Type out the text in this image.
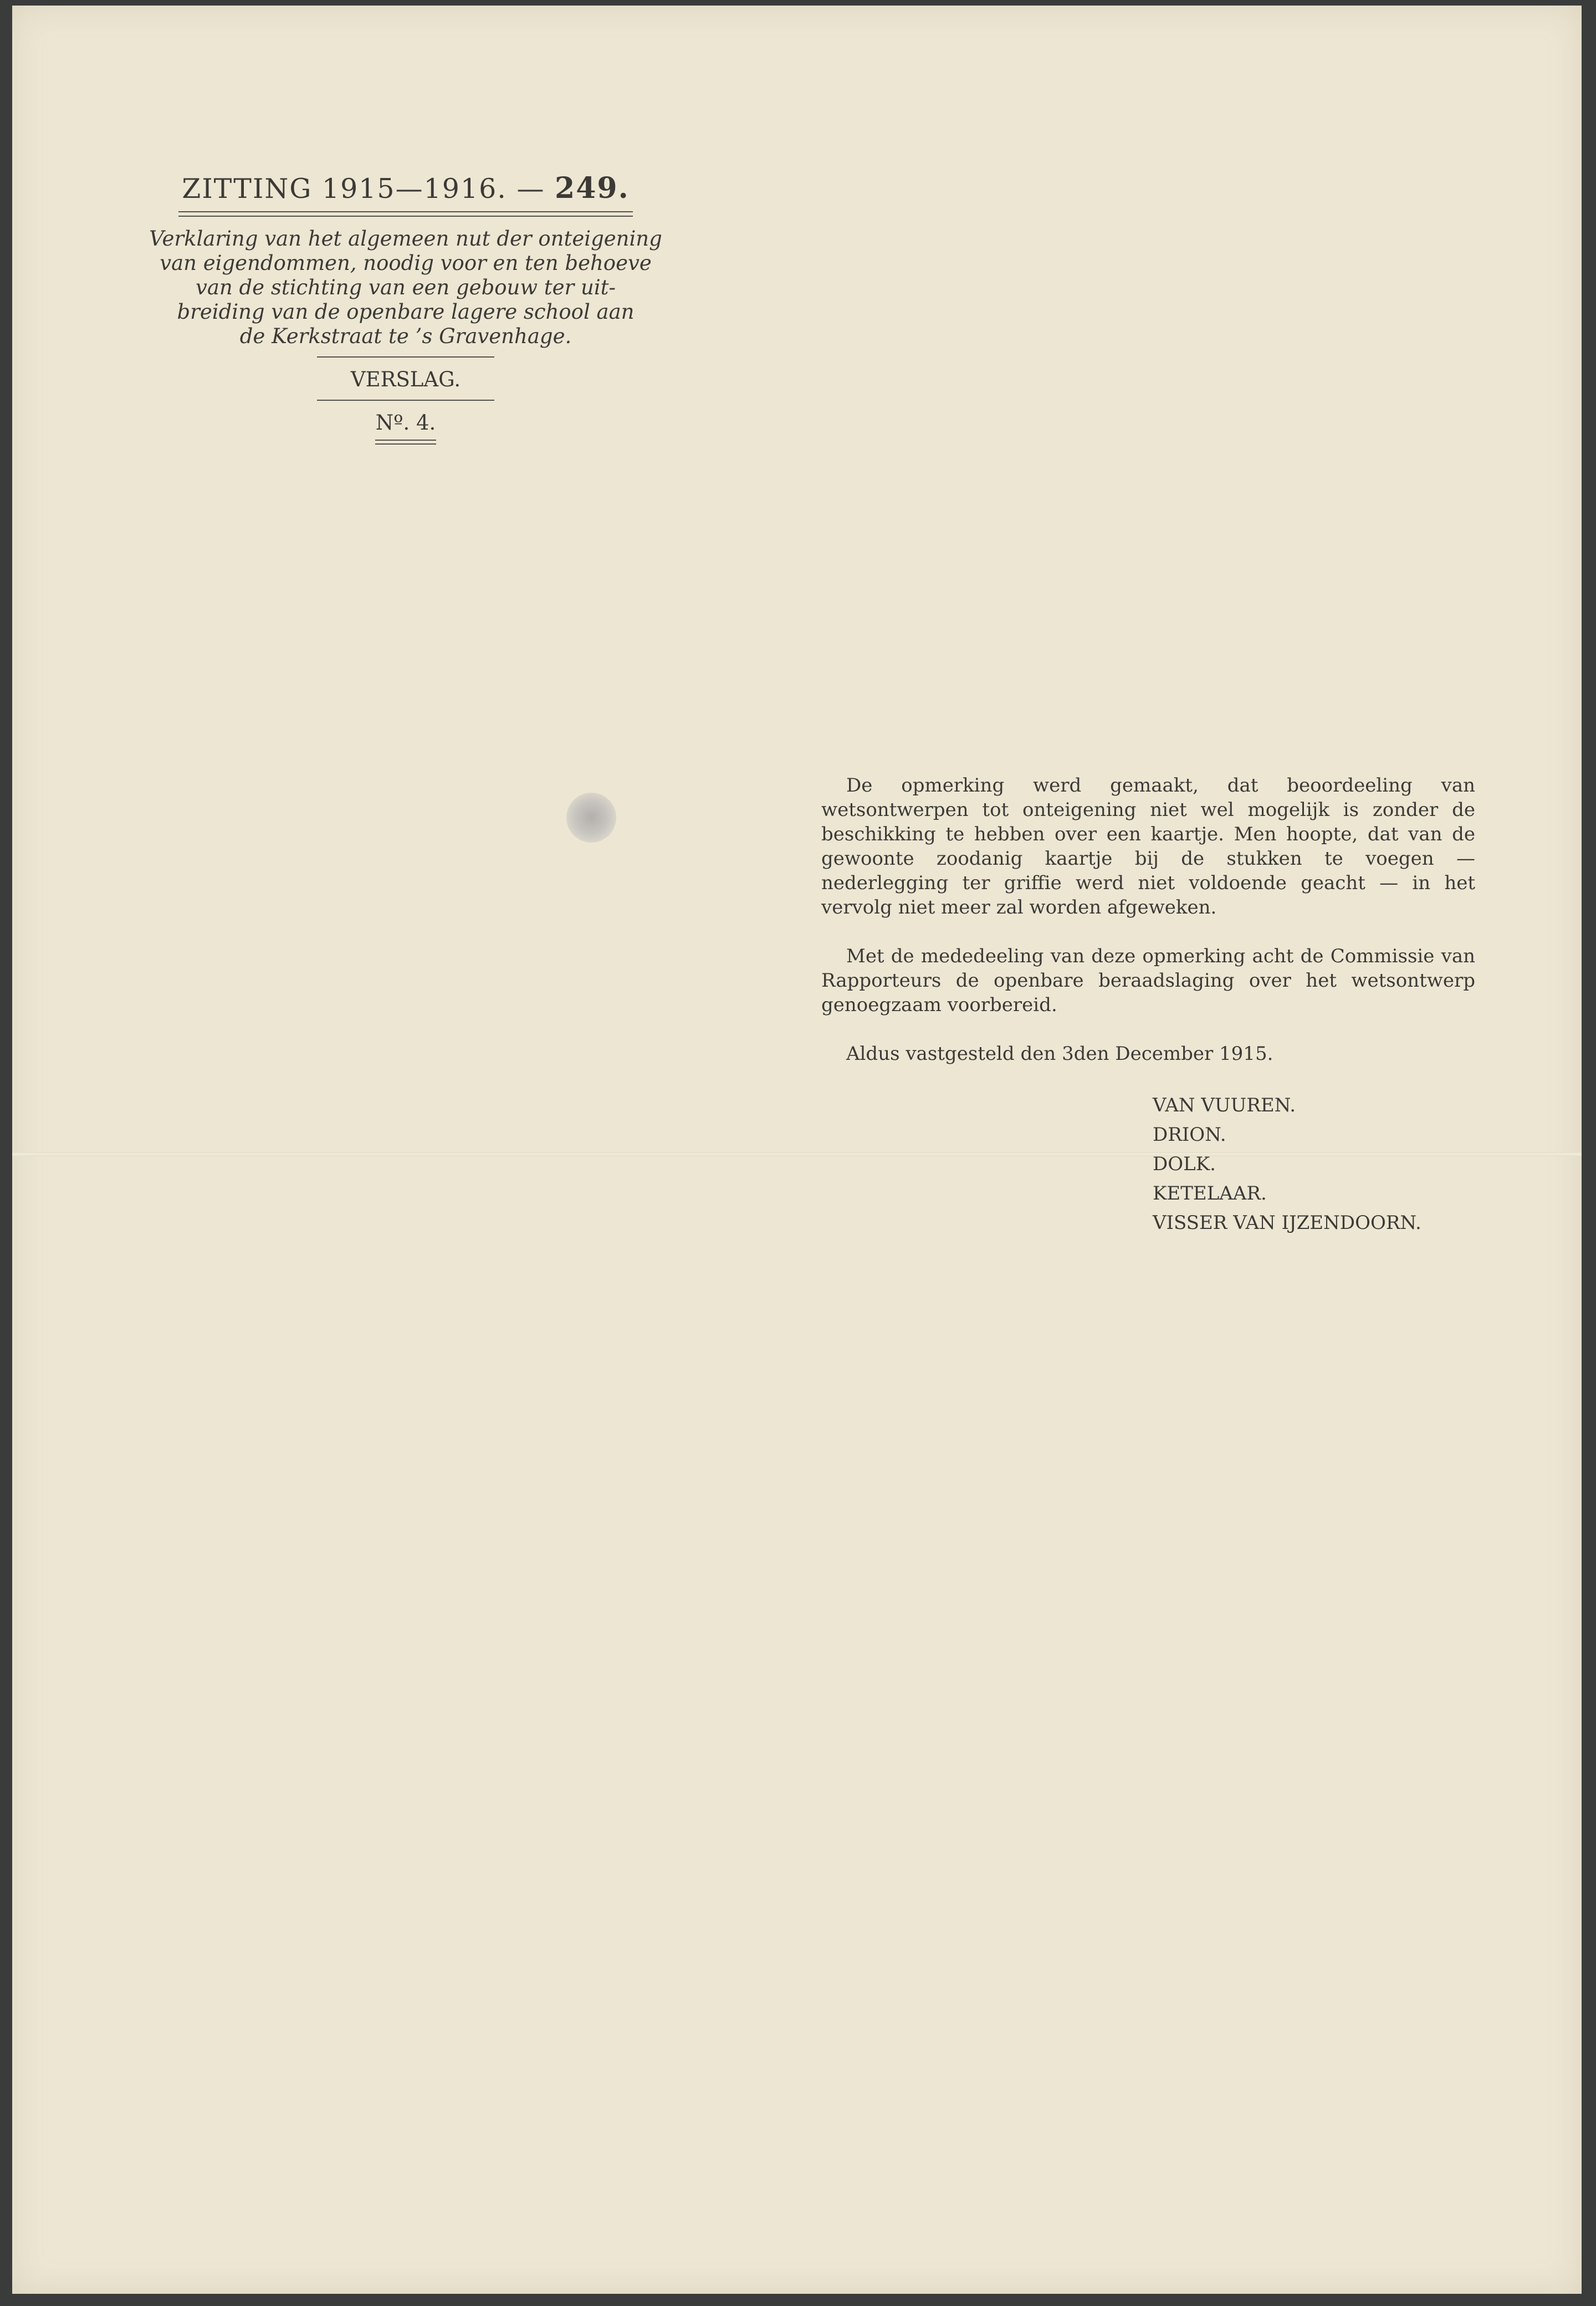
ZITTING 1915—1916. — 249.
Verklaring van het algemeen nut der onteigening
van eigendommen, noodig voor en ten behoeve
van de stichting van een gebouw ter uit-
breiding van de openbare lagere school aan
de Kerkstraat te ’s Gravenhage.
VERSLAG.
Nº. 4.

De opmerking werd gemaakt, dat beoordeeling van wetsontwerpen tot onteigening niet wel mogelijk is zonder de beschikking te hebben over een kaartje. Men hoopte, dat van de gewoonte zoodanig kaartje bij de stukken te voegen — nederlegging ter griffie werd niet voldoende geacht — in het vervolg niet meer zal worden afgeweken.

Met de mededeeling van deze opmerking acht de Commissie van Rapporteurs de openbare beraadslaging over het wetsontwerp genoegzaam voorbereid.

Aldus vastgesteld den 3den December 1915.

VAN VUUREN.
DRION.
DOLK.
KETELAAR.
VISSER VAN IJZENDOORN.
